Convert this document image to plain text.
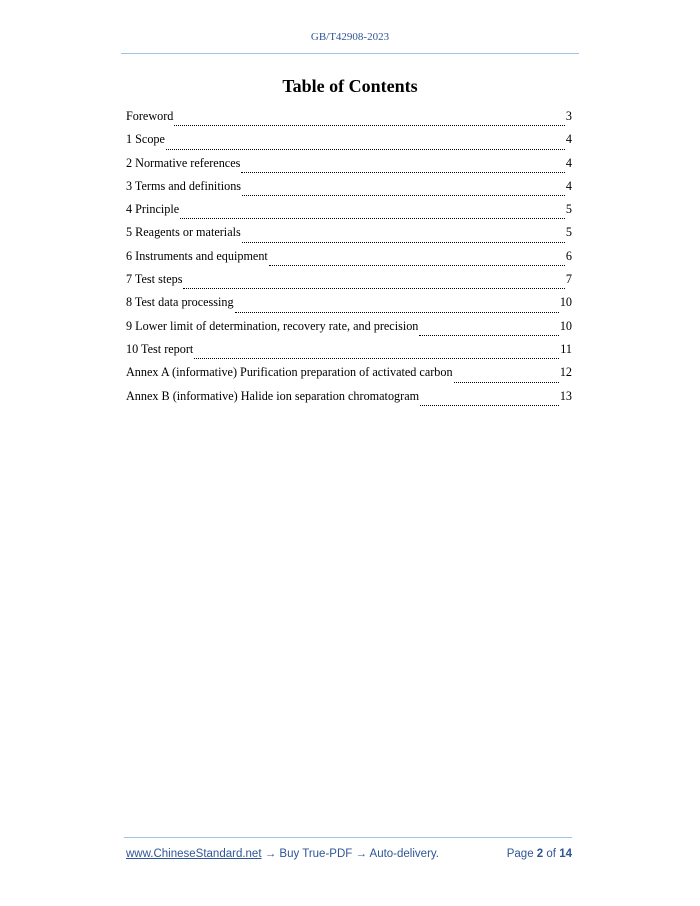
GB/T42908-2023
Table of Contents
Foreword	3
1 Scope	4
2 Normative references	4
3 Terms and definitions	4
4 Principle	5
5 Reagents or materials	5
6 Instruments and equipment	6
7 Test steps	7
8 Test data processing	10
9 Lower limit of determination, recovery rate, and precision	10
10 Test report	11
Annex A (informative) Purification preparation of activated carbon	12
Annex B (informative) Halide ion separation chromatogram	13
www.ChineseStandard.net → Buy True-PDF → Auto-delivery.	Page 2 of 14
